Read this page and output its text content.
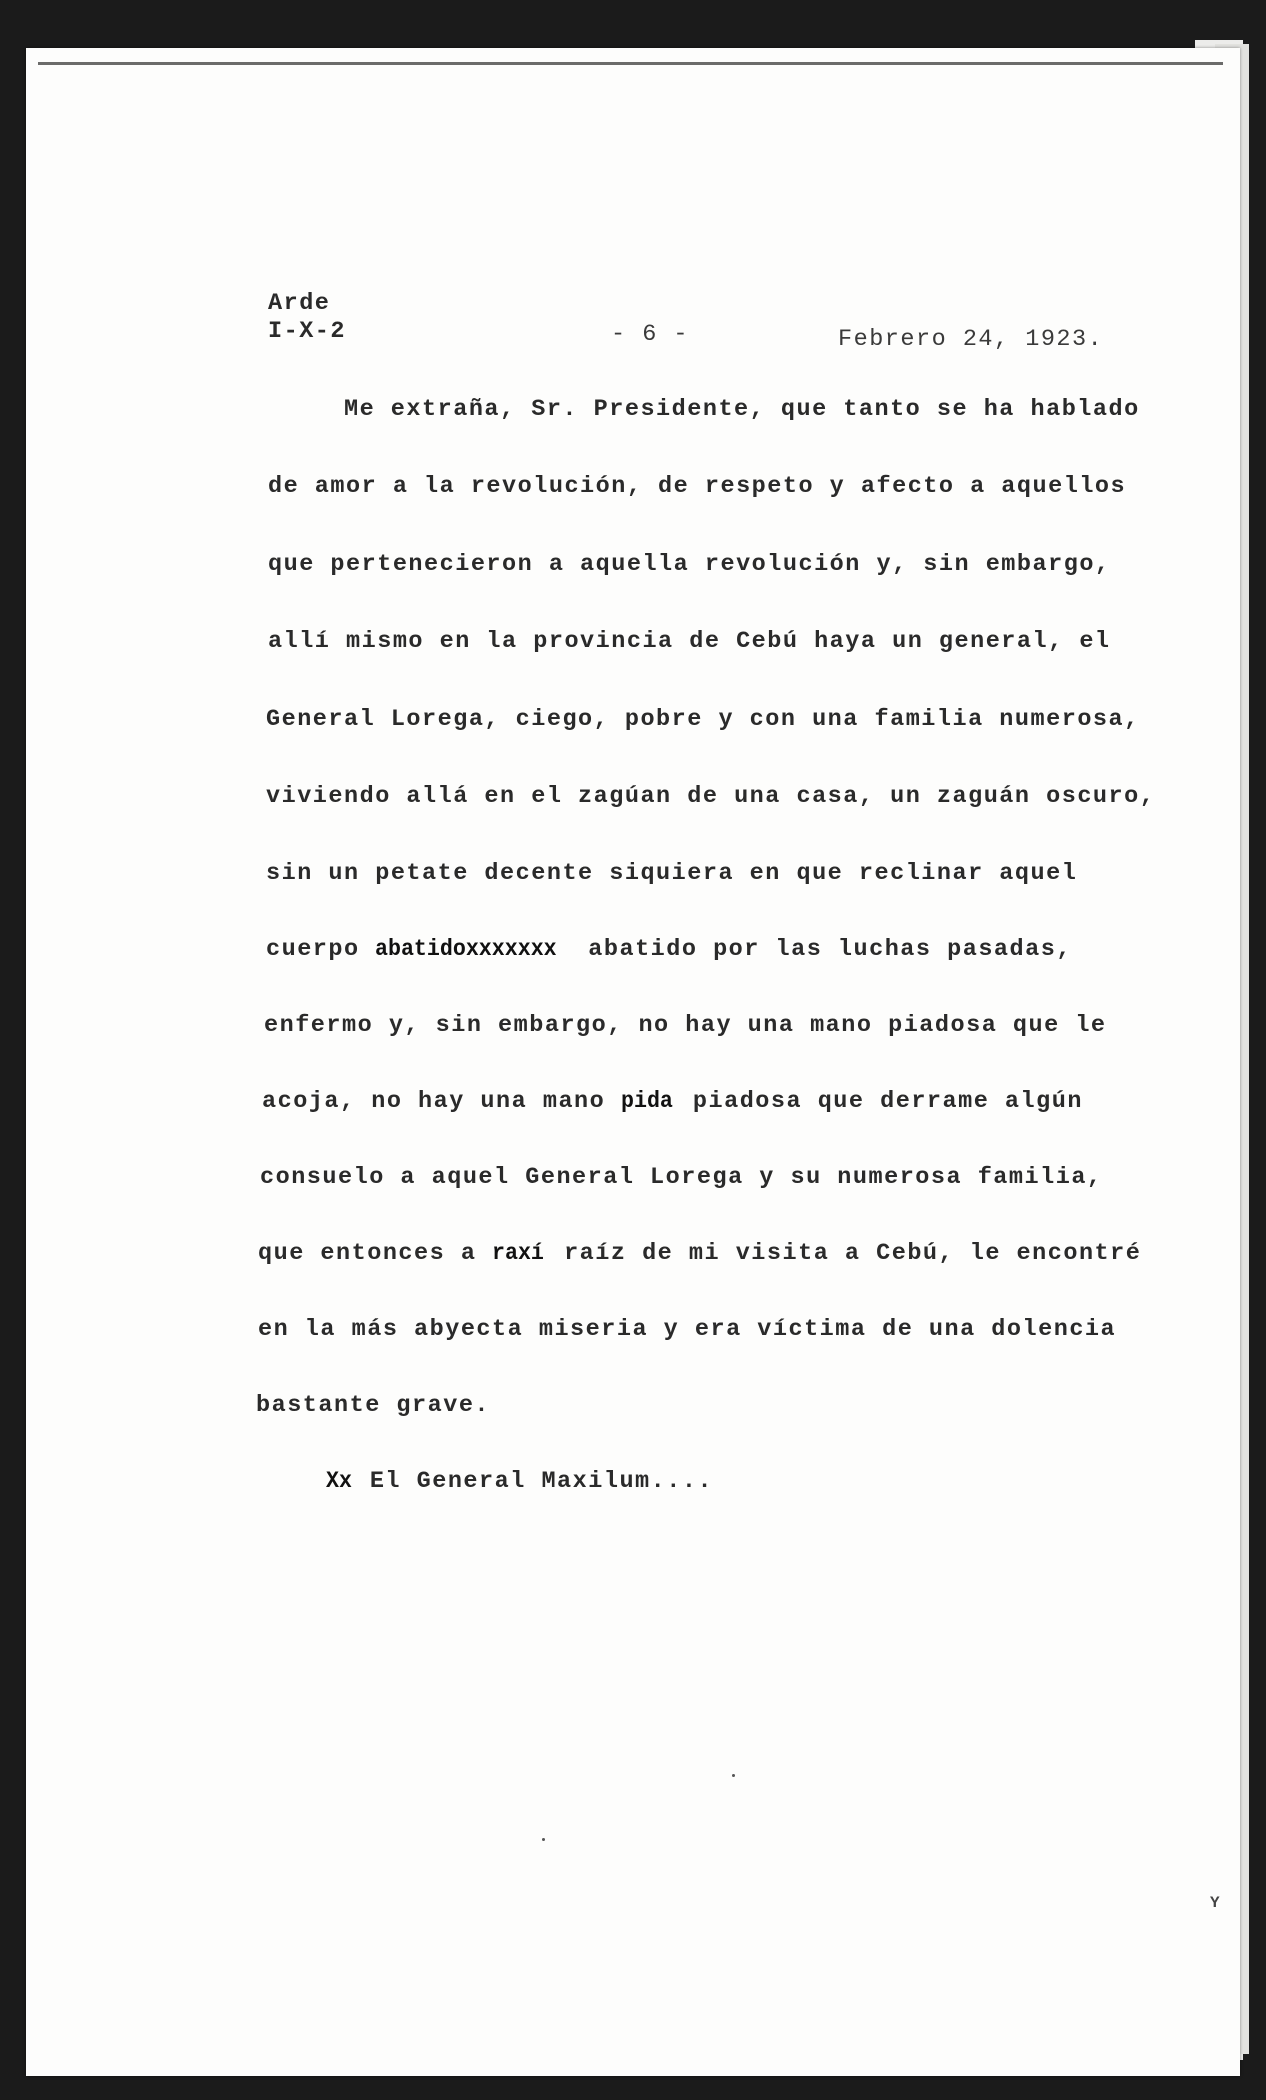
Arde
I-X-2	- 6 -	Febrero 24, 1923.
Me extraña, Sr. Presidente, que tanto se ha hablado
de amor a la revolución, de respeto y afecto a aquellos
que pertenecieron a aquella revolución y, sin embargo,
allí mismo en la provincia de Cebú haya un general, el
General Lorega, ciego, pobre y con una familia numerosa,
viviendo allá en el zagúan de una casa, un zaguán oscuro,
sin un petate decente siquiera en que reclinar aquel
cuerpo abatidoxxxxxxx abatido por las luchas pasadas,
enfermo y, sin embargo, no hay una mano piadosa que le
acoja, no hay una mano pida piadosa que derrame algún
consuelo a aquel General Lorega y su numerosa familia,
que entonces a raxí raíz de mi visita a Cebú, le encontré
en la más abyecta miseria y era víctima de una dolencia
bastante grave.
Xx El General Maxilum....
Y
